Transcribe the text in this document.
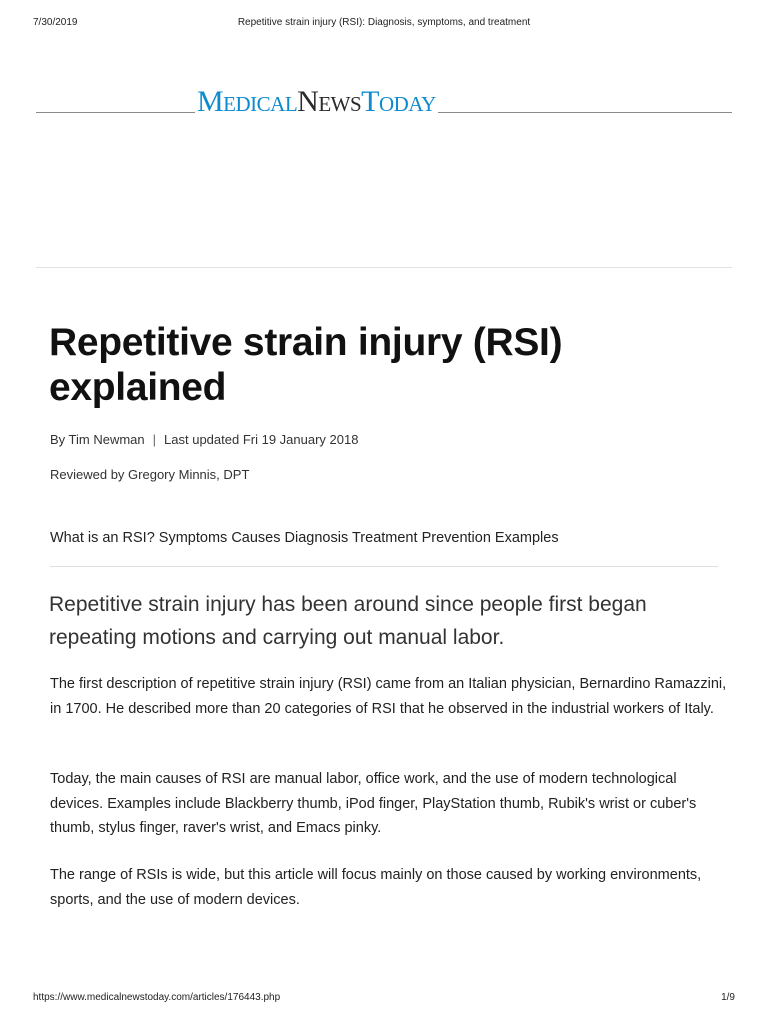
7/30/2019	Repetitive strain injury (RSI): Diagnosis, symptoms, and treatment
MedicalNewsToday
Repetitive strain injury (RSI) explained
By Tim Newman | Last updated Fri 19 January 2018
Reviewed by Gregory Minnis, DPT
What is an RSI? Symptoms Causes Diagnosis Treatment Prevention Examples

Repetitive strain injury has been around since people first began repeating motions and carrying out manual labor.

The first description of repetitive strain injury (RSI) came from an Italian physician, Bernardino Ramazzini, in 1700. He described more than 20 categories of RSI that he observed in the industrial workers of Italy.

Today, the main causes of RSI are manual labor, office work, and the use of modern technological devices. Examples include Blackberry thumb, iPod finger, PlayStation thumb, Rubik's wrist or cuber's thumb, stylus finger, raver's wrist, and Emacs pinky.

The range of RSIs is wide, but this article will focus mainly on those caused by working environments, sports, and the use of modern devices.

https://www.medicalnewstoday.com/articles/176443.php	1/9
